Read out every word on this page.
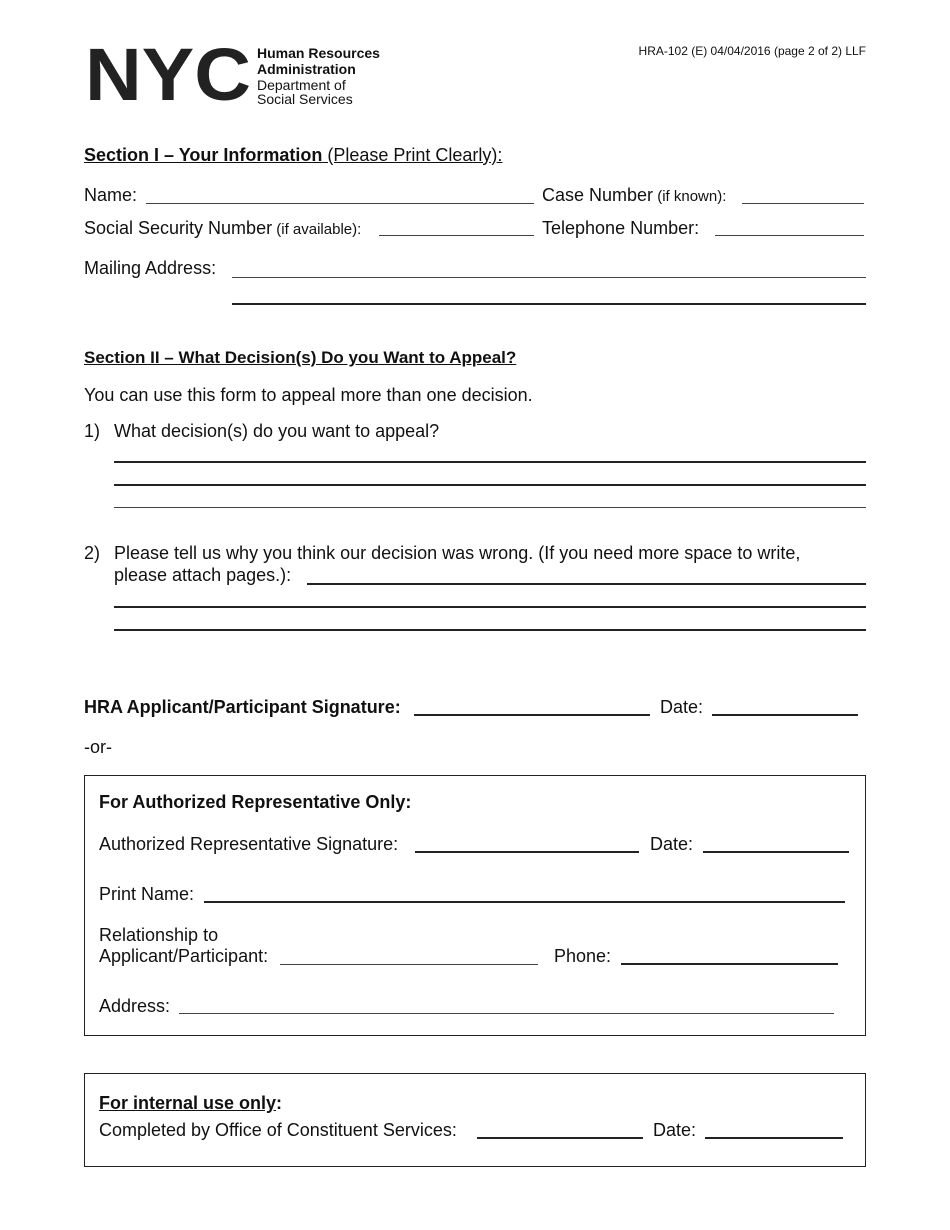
NYC Human Resources
Administration
Department of
Social Services
HRA-102 (E) 04/04/2016 (page 2 of 2) LLF
Section I – Your Information (Please Print Clearly):
Name:	Case Number (if known):
Social Security Number (if available):	Telephone Number:
Mailing Address:
Section II – What Decision(s) Do you Want to Appeal?
You can use this form to appeal more than one decision.
1) What decision(s) do you want to appeal?
2) Please tell us why you think our decision was wrong. (If you need more space to write,
please attach pages.):
HRA Applicant/Participant Signature:	Date:
-or-
For Authorized Representative Only:
Authorized Representative Signature:	Date:
Print Name:
Relationship to
Applicant/Participant:	Phone:
Address:
For internal use only:
Completed by Office of Constituent Services:	Date:
